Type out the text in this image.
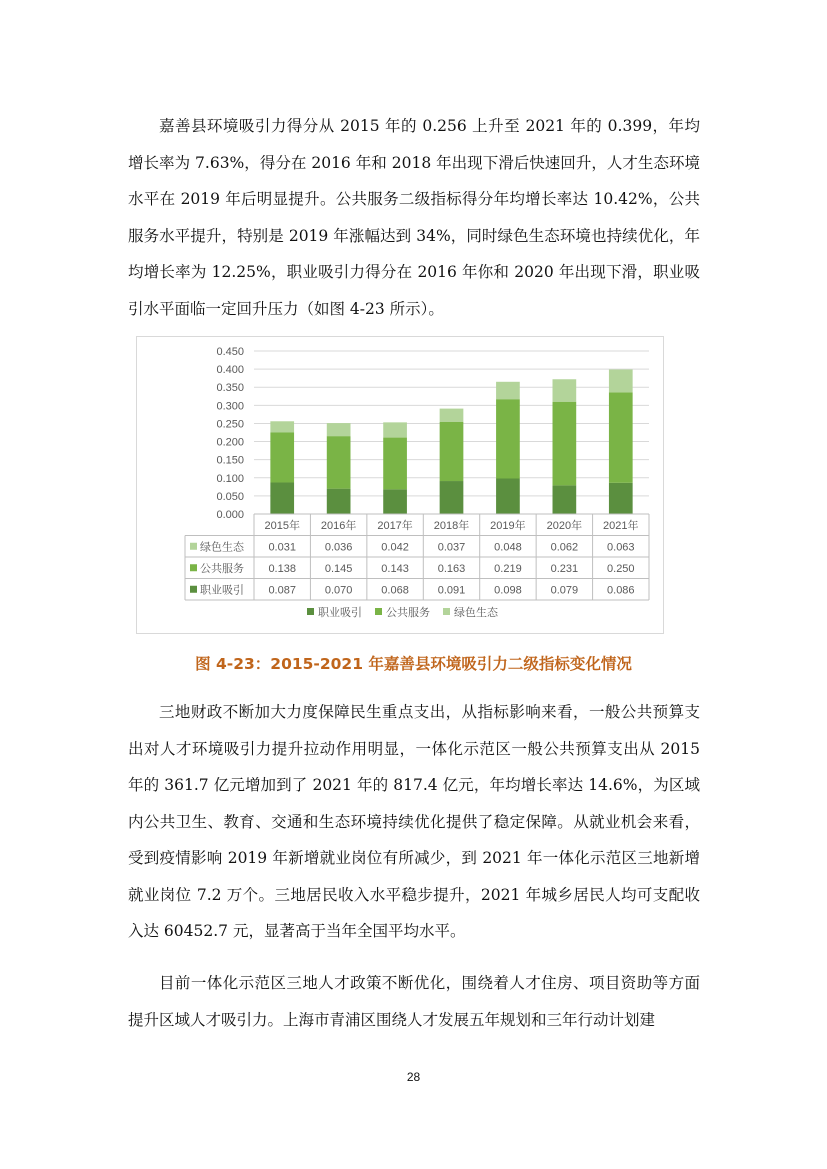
嘉善县环境吸引力得分从 2015 年的 0.256 上升至 2021 年的 0.399，年均增长率为 7.63%，得分在 2016 年和 2018 年出现下滑后快速回升，人才生态环境水平在 2019 年后明显提升。公共服务二级指标得分年均增长率达 10.42%，公共服务水平提升，特别是 2019 年涨幅达到 34%，同时绿色生态环境也持续优化，年均增长率为 12.25%，职业吸引力得分在 2016 年你和 2020 年出现下滑，职业吸引水平面临一定回升压力（如图 4-23 所示）。

0.000
0.050
0.100
0.150
0.200
0.250
0.300
0.350
0.400
0.450
2015年 2016年 2017年 2018年 2019年 2020年 2021年
绿色生态 0.031	0.036	0.042	0.037	0.048	0.062	0.063
公共服务 0.138	0.145	0.143	0.163	0.219	0.231	0.250
职业吸引 0.087	0.070	0.068	0.091	0.098	0.079	0.086
职业吸引 公共服务 绿色生态

图 4-23：2015-2021 年嘉善县环境吸引力二级指标变化情况

三地财政不断加大力度保障民生重点支出，从指标影响来看，一般公共预算支出对人才环境吸引力提升拉动作用明显，一体化示范区一般公共预算支出从 2015 年的 361.7 亿元增加到了 2021 年的 817.4 亿元，年均增长率达 14.6%，为区域内公共卫生、教育、交通和生态环境持续优化提供了稳定保障。从就业机会来看，受到疫情影响 2019 年新增就业岗位有所减少，到 2021 年一体化示范区三地新增就业岗位 7.2 万个。三地居民收入水平稳步提升，2021 年城乡居民人均可支配收入达 60452.7 元，显著高于当年全国平均水平。

目前一体化示范区三地人才政策不断优化，围绕着人才住房、项目资助等方面提升区域人才吸引力。上海市青浦区围绕人才发展五年规划和三年行动计划建

28
